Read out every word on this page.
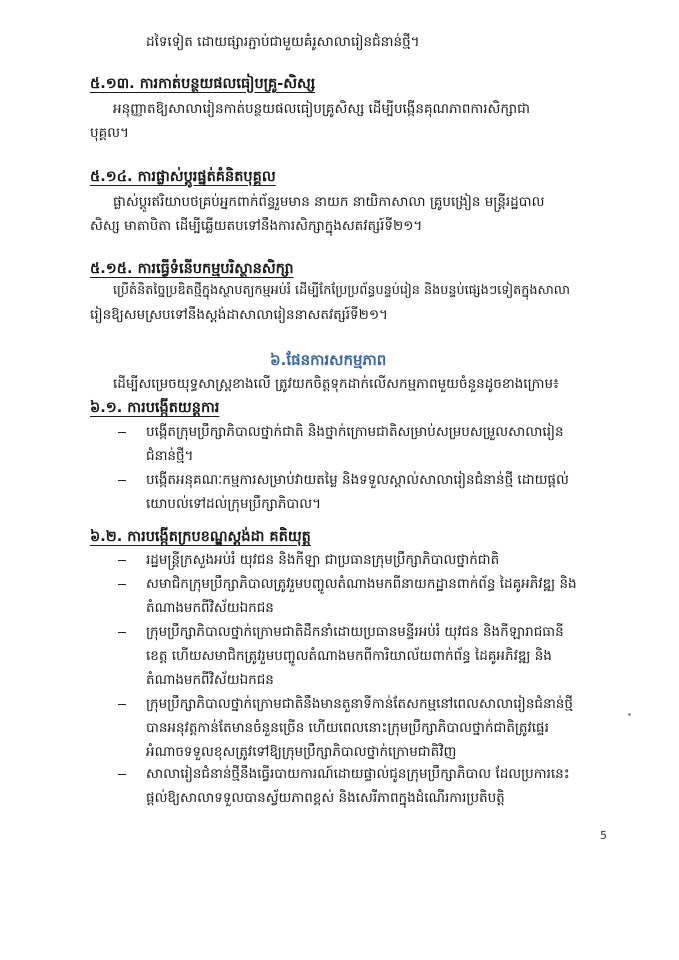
ដទៃទៀត ដោយផ្សារភ្ជាប់ជាមួយគំរូសាលារៀនជំនាន់ថ្មី។
៥.១៣. ការកាត់បន្ថយផលធៀបគ្រូ-សិស្ស
អនុញ្ញាតឱ្យសាលារៀនកាត់បន្ថយផលធៀបគ្រូសិស្ស ដើម្បីបង្កើនគុណភាពការសិក្សាជា
បុគ្គល។
៥.១៤. ការផ្លាស់ប្តូរផ្នត់គំនិតបុគ្គល
ផ្លាស់ប្តូរឥរិយាបថគ្រប់អ្នកពាក់ព័ន្ធរួមមាន នាយក នាយិកាសាលា គ្រូបង្រៀន មន្ត្រីរដ្ឋបាល
សិស្ស មាតាបិតា ដើម្បីឆ្លើយតបទៅនឹងការសិក្សាក្នុងសតវត្សរ៍ទី២១។
៥.១៥. ការធ្វើទំនើបកម្មបរិស្ថានសិក្សា
ប្រើតំនិតច្នៃប្រឌិតថ្មីក្នុងស្ថាបត្យកម្មអប់រំ ដើម្បីកែប្រែប្រព័ន្ធបន្ទប់រៀន និងបន្ទប់ផ្សេងៗទៀតក្នុងសាលា
រៀនឱ្យសមស្របទៅនឹងស្តង់ដាសាលារៀននាសតវត្សរ៍ទី២១។
៦.ផែនការសកម្មភាព
ដើម្បីសម្រេចយុទ្ធសាស្ត្រខាងលើ ត្រូវយកចិត្តទុកដាក់លើសកម្មភាពមួយចំនួនដូចខាងក្រោម៖
៦.១. ការបង្កើតយន្តការ
បង្កើតក្រុមប្រឹក្សាភិបាលថ្នាក់ជាតិ និងថ្នាក់ក្រោមជាតិសម្រាប់សម្របសម្រួលសាលារៀន
ជំនាន់ថ្មី។
បង្កើតអនុគណៈកម្មការសម្រាប់វាយតម្លៃ និងទទួលស្គាល់សាលារៀនជំនាន់ថ្មី ដោយផ្តល់
យោបល់ទៅដល់ក្រុមប្រឹក្សាភិបាល។
៦.២. ការបង្កើតក្របខណ្ឌស្តង់ដា គតិយុត្ត
រដ្ឋមន្ត្រីក្រសួងអប់រំ យុវជន និងកីឡា ជាប្រធានក្រុមប្រឹក្សាភិបាលថ្នាក់ជាតិ
សមាជិកក្រុមប្រឹក្សាភិបាលត្រូវរួមបញ្ចូលតំណាងមកពីនាយកដ្ឋានពាក់ព័ន្ធ ដៃគូអភិវឌ្ឍ និង
តំណាងមកពីវិស័យឯកជន
ក្រុមប្រឹក្សាភិបាលថ្នាក់ក្រោមជាតិដឹកនាំដោយប្រធានមន្ទីរអប់រំ យុវជន និងកីឡារាជធានី
ខេត្ត ហើយសមាជិកត្រូវរួមបញ្ចូលតំណាងមកពីការិយាល័យពាក់ព័ន្ធ ដៃគូអភិវឌ្ឍ និង
តំណាងមកពីវិស័យឯកជន
ក្រុមប្រឹក្សាភិបាលថ្នាក់ក្រោមជាតិនឹងមានតួនាទីកាន់តែសកម្មនៅពេលសាលារៀនជំនាន់ថ្មី
បានអនុវត្តកាន់តែមានចំនួនច្រើន ហើយពេលនោះក្រុមប្រឹក្សាភិបាលថ្នាក់ជាតិត្រូវផ្ទេរ
អំណាចទទួលខុសត្រូវទៅឱ្យក្រុមប្រឹក្សាភិបាលថ្នាក់ក្រោមជាតិវិញ
សាលារៀនជំនាន់ថ្មីនឹងធ្វើរបាយការណ៍ដោយផ្ទាល់ជូនក្រុមប្រឹក្សាភិបាល ដែលប្រការនេះ
ផ្តល់ឱ្យសាលាទទួលបានស្វ័យភាពខ្ពស់ និងសេរីភាពក្នុងដំណើរការប្រតិបត្តិ
5
